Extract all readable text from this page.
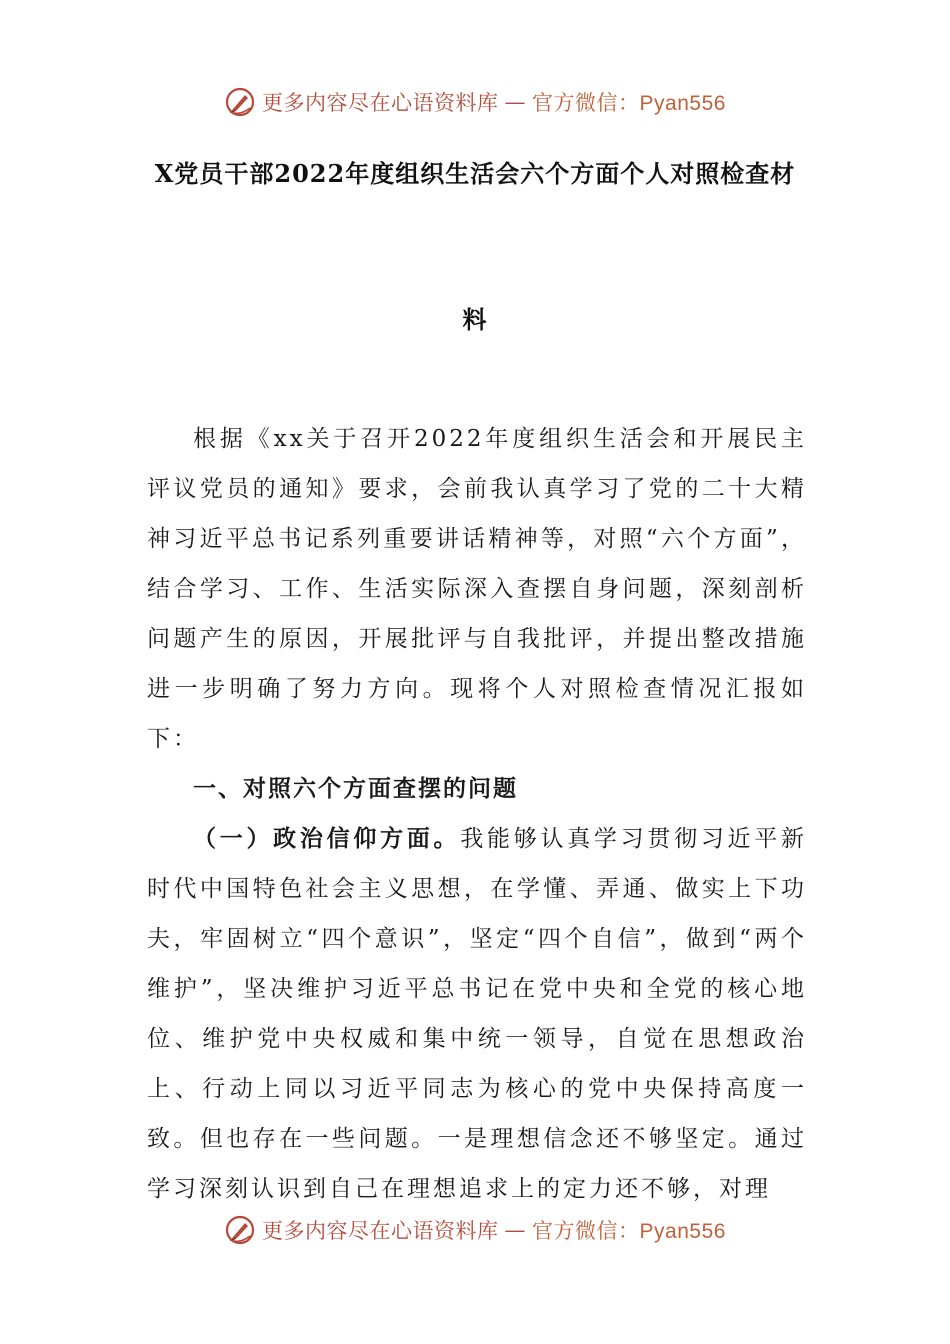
更多内容尽在心语资料库 — 官方微信：Pyan556
X党员干部2022年度组织生活会六个方面个人对照检查材
料

根据《xx关于召开2022年度组织生活会和开展民主评议党员的通知》要求，会前我认真学习了党的二十大精神习近平总书记系列重要讲话精神等，对照“六个方面”，结合学习、工作、生活实际深入查摆自身问题，深刻剖析问题产生的原因，开展批评与自我批评，并提出整改措施进一步明确了努力方向。现将个人对照检查情况汇报如下：

一、对照六个方面查摆的问题

（一）政治信仰方面。我能够认真学习贯彻习近平新时代中国特色社会主义思想，在学懂、弄通、做实上下功夫，牢固树立“四个意识”，坚定“四个自信”，做到“两个维护”，坚决维护习近平总书记在党中央和全党的核心地位、维护党中央权威和集中统一领导，自觉在思想政治上、行动上同以习近平同志为核心的党中央保持高度一致。但也存在一些问题。一是理想信念还不够坚定。通过学习深刻认识到自己在理想追求上的定力还不够，对理

更多内容尽在心语资料库 — 官方微信：Pyan556
